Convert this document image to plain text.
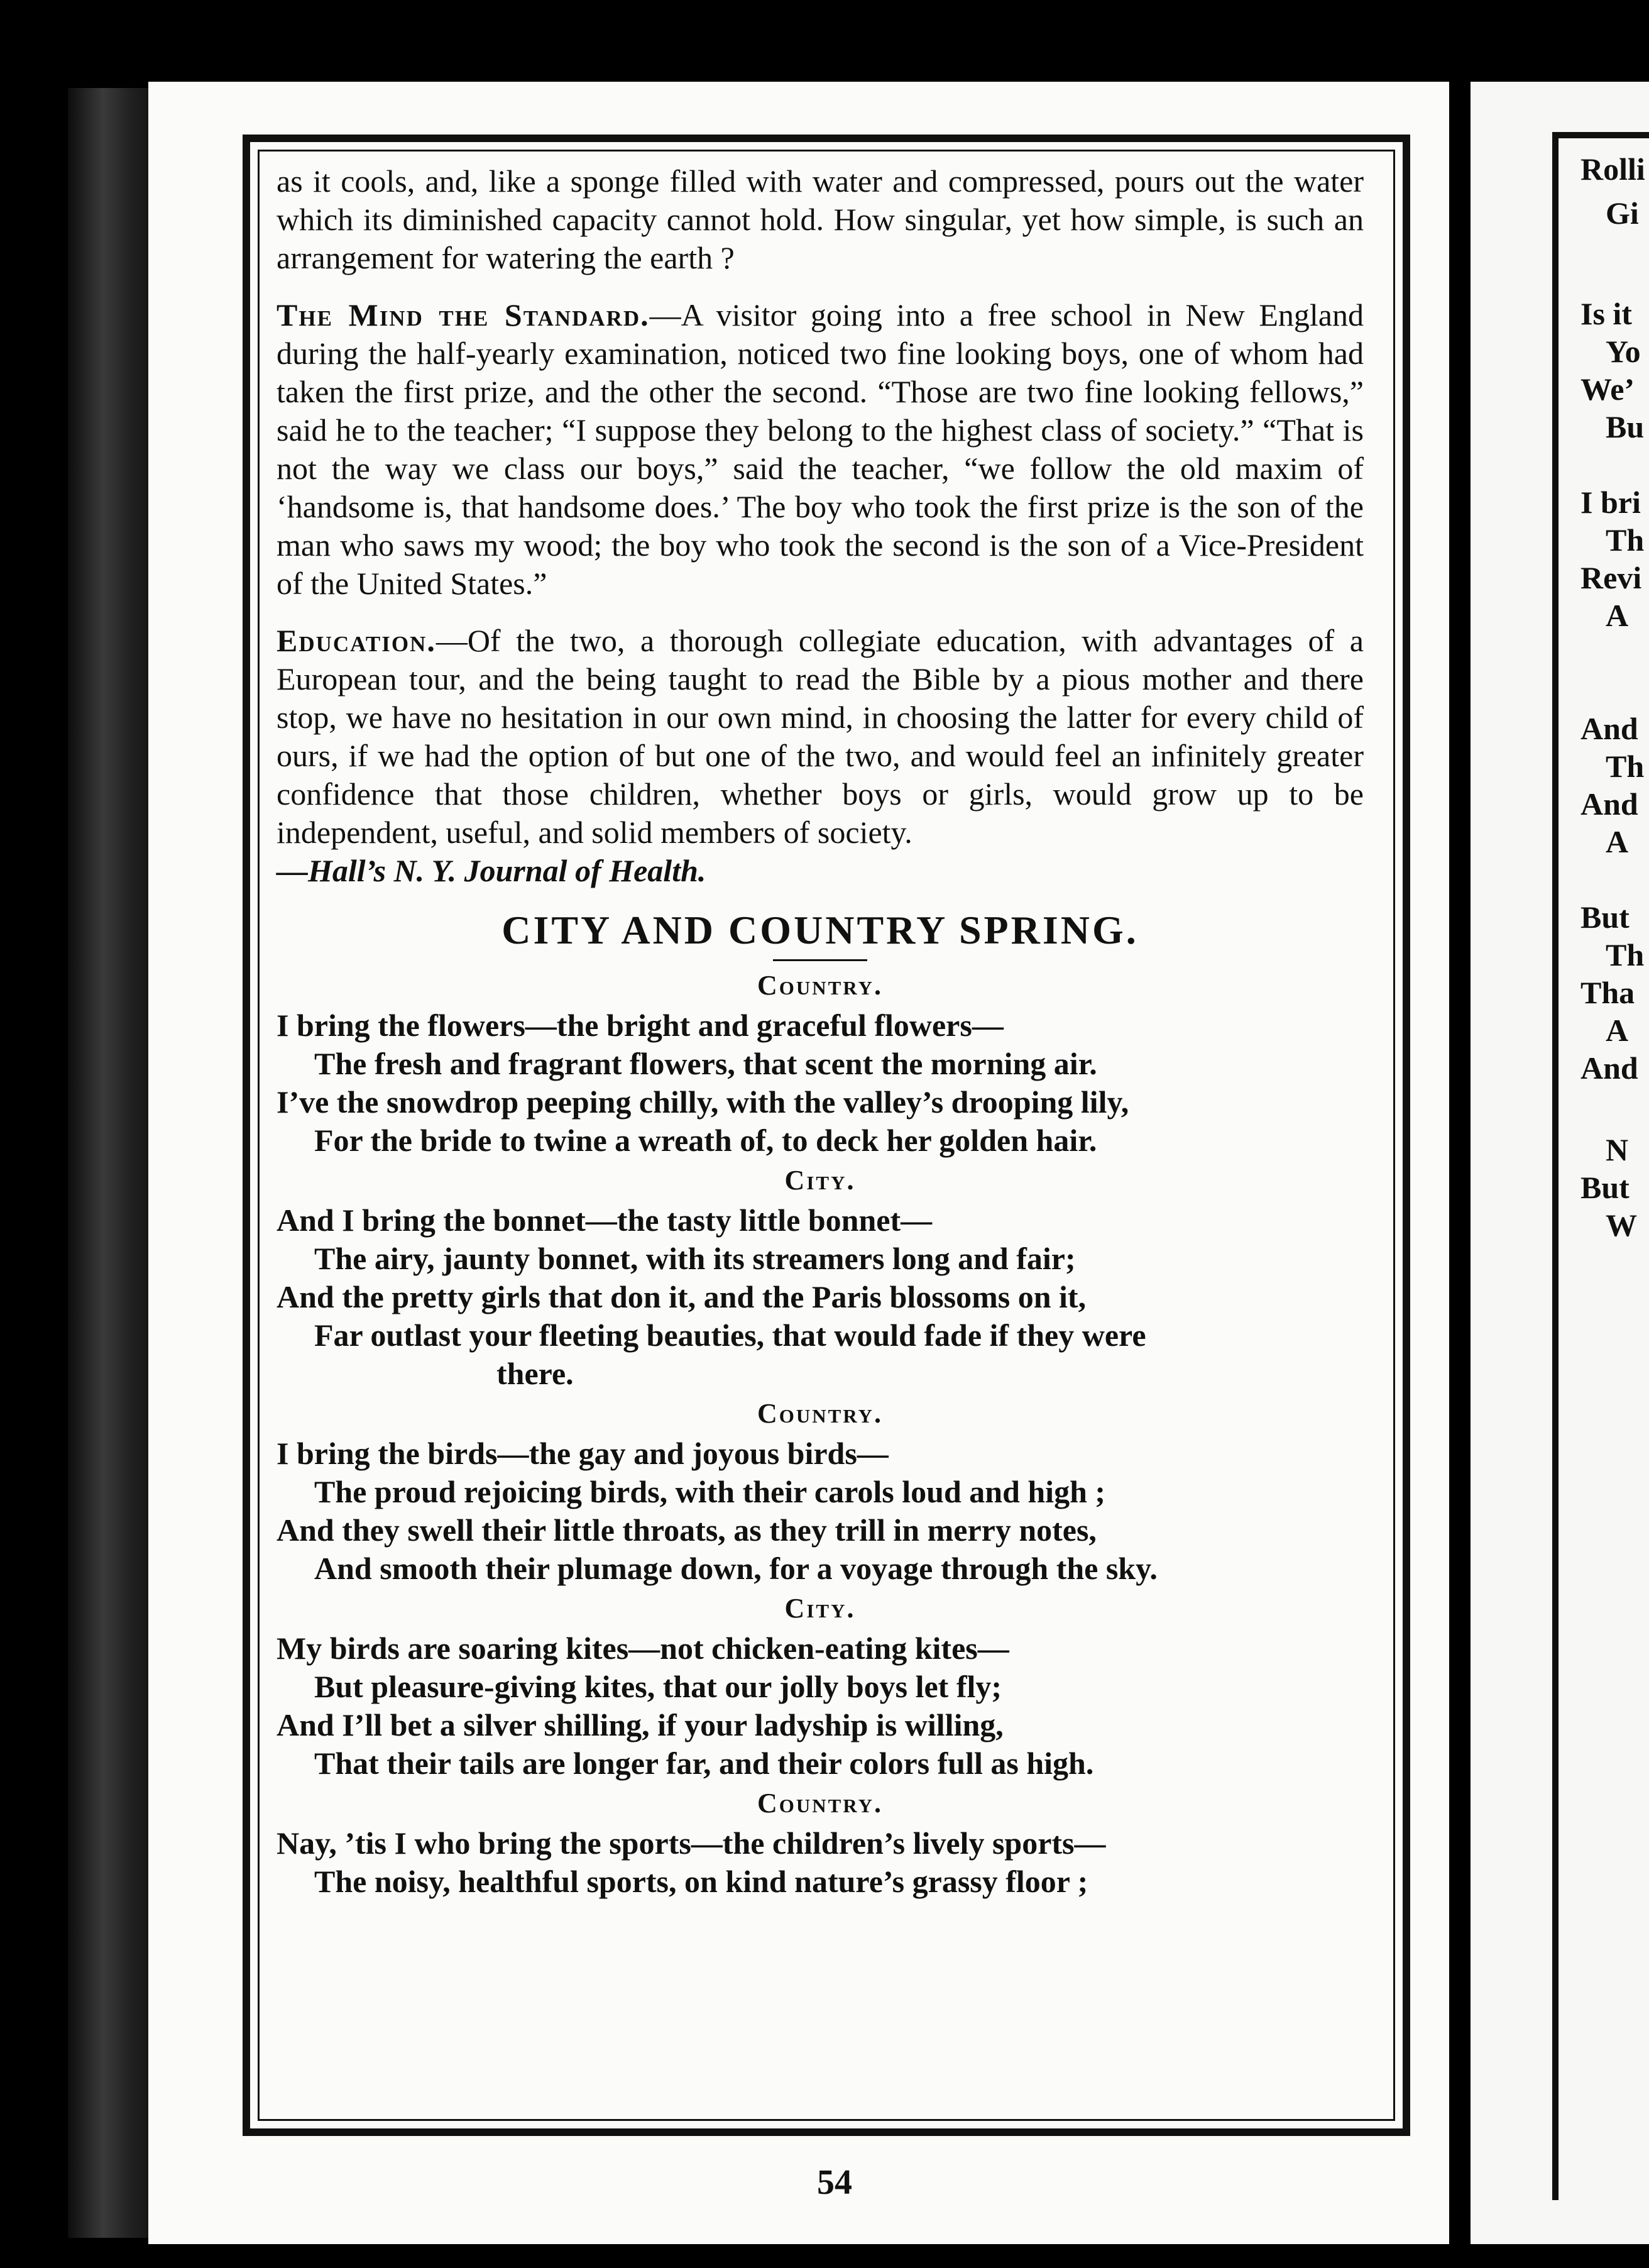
Rolli
Gi
Is it
Yo
We’
Bu
I bri
Th
Revi
A
And
Th
And
A
But
Th
Tha
A
And
N
But
W

as it cools, and, like a sponge filled with water and compressed, pours out the water which its diminished capacity cannot hold. How singular, yet how simple, is such an arrangement for watering the earth ?

The Mind the Standard.—A visitor going into a free school in New England during the half-yearly examination, noticed two fine looking boys, one of whom had taken the first prize, and the other the second. “Those are two fine looking fellows,” said he to the teacher; “I suppose they belong to the highest class of society.” “That is not the way we class our boys,” said the teacher, “we follow the old maxim of ‘handsome is, that handsome does.’ The boy who took the first prize is the son of the man who saws my wood; the boy who took the second is the son of a Vice-President of the United States.”

Education.—Of the two, a thorough collegiate education, with advantages of a European tour, and the being taught to read the Bible by a pious mother and there stop, we have no hesitation in our own mind, in choosing the latter for every child of ours, if we had the option of but one of the two, and would feel an infinitely greater confidence that those children, whether boys or girls, would grow up to be independent, useful, and solid members of society.

—Hall’s N. Y. Journal of Health.

CITY AND COUNTRY SPRING.
Country.

I bring the flowers—the bright and graceful flowers—

The fresh and fragrant flowers, that scent the morning air.

I’ve the snowdrop peeping chilly, with the valley’s drooping lily,

For the bride to twine a wreath of, to deck her golden hair.

City.

And I bring the bonnet—the tasty little bonnet—

The airy, jaunty bonnet, with its streamers long and fair;

And the pretty girls that don it, and the Paris blossoms on it,

Far outlast your fleeting beauties, that would fade if they were

there.

Country.

I bring the birds—the gay and joyous birds—

The proud rejoicing birds, with their carols loud and high ;

And they swell their little throats, as they trill in merry notes,

And smooth their plumage down, for a voyage through the sky.

City.

My birds are soaring kites—not chicken-eating kites—

But pleasure-giving kites, that our jolly boys let fly;

And I’ll bet a silver shilling, if your ladyship is willing,

That their tails are longer far, and their colors full as high.

Country.

Nay, ’tis I who bring the sports—the children’s lively sports—

The noisy, healthful sports, on kind nature’s grassy floor ;

54
